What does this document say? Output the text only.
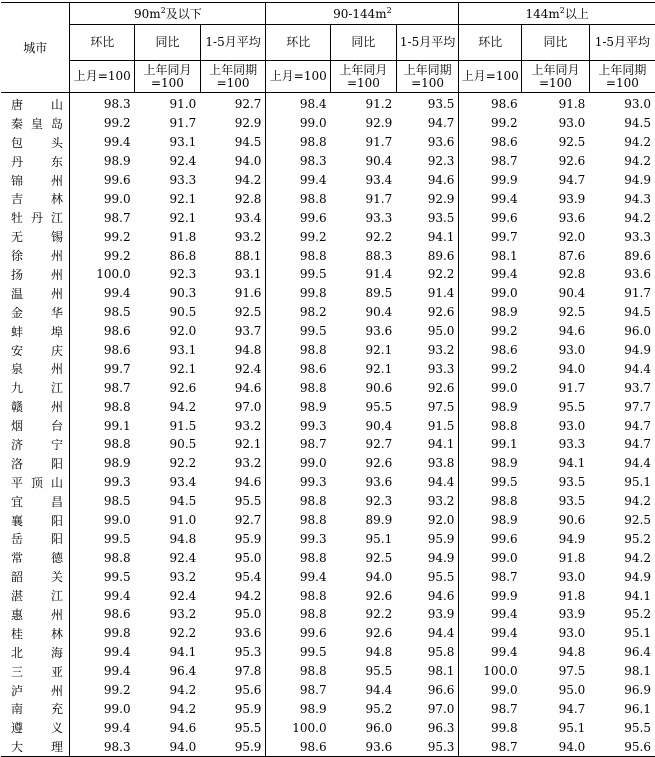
城市	$90m^2$及以下			$90-144m^2$			$144m^2$以上		
	环比	同比	1-5月平均	环比	同比	1-5月平均	环比	同比	1-5月平均
	上月=100	上年同月=100	上年同期=100	上月=100	上年同月=100	上年同期=100	上月=100	上年同月=100	上年同期=100

唐 山	98.3	91.0	92.7	98.4	91.2	93.5	98.6	91.8	93.0

秦 皇 岛	99.2	91.7	92.9	99.0	92.9	94.7	99.2	93.0	94.5

包 头	99.4	93.1	94.5	98.8	91.7	93.6	98.6	92.5	94.2

丹 东	98.9	92.4	94.0	98.3	90.4	92.3	98.7	92.6	94.2

锦 州	99.6	93.3	94.2	99.4	93.4	94.6	99.9	94.7	94.9

吉 林	99.0	92.1	92.8	98.8	91.7	92.9	99.4	93.9	94.3

牡 丹 江	98.7	92.1	93.4	99.6	93.3	93.5	99.6	93.6	94.2

无 锡	99.2	91.8	93.2	99.2	92.2	94.1	99.7	92.0	93.3

徐 州	99.2	86.8	88.1	98.8	88.3	89.6	98.1	87.6	89.6

扬 州	100.0	92.3	93.1	99.5	91.4	92.2	99.4	92.8	93.6

温 州	99.4	90.3	91.6	99.8	89.5	91.4	99.0	90.4	91.7

金 华	98.5	90.5	92.5	98.2	90.4	92.6	98.9	92.5	94.5

蚌 埠	98.6	92.0	93.7	99.5	93.6	95.0	99.2	94.6	96.0

安 庆	98.6	93.1	94.8	98.8	92.1	93.2	98.6	93.0	94.9

泉 州	99.7	92.1	92.4	98.6	92.1	93.3	99.2	94.0	94.4

九 江	98.7	92.6	94.6	98.8	90.6	92.6	99.0	91.7	93.7

赣 州	98.8	94.2	97.0	98.9	95.5	97.5	98.9	95.5	97.7

烟 台	99.1	91.5	93.2	99.3	90.4	91.5	98.8	93.0	94.7

济 宁	98.8	90.5	92.1	98.7	92.7	94.1	99.1	93.3	94.7

洛 阳	98.9	92.2	93.2	99.0	92.6	93.8	98.9	94.1	94.4

平 顶 山	99.3	93.4	94.6	99.3	93.6	94.4	99.5	93.5	95.1

宜 昌	98.5	94.5	95.5	98.8	92.3	93.2	98.8	93.5	94.2

襄 阳	99.0	91.0	92.7	98.8	89.9	92.0	98.9	90.6	92.5

岳 阳	99.5	94.8	95.9	99.3	95.1	95.9	99.6	94.9	95.2

常 德	98.8	92.4	95.0	98.8	92.5	94.9	99.0	91.8	94.2

韶 关	99.5	93.2	95.4	99.4	94.0	95.5	98.7	93.0	94.9

湛 江	99.4	92.4	94.2	98.8	92.6	94.6	99.9	91.8	94.1

惠 州	98.6	93.2	95.0	98.8	92.2	93.9	99.4	93.9	95.2

桂 林	99.8	92.2	93.6	99.6	92.6	94.4	99.4	93.0	95.1

北 海	99.4	94.1	95.3	99.5	94.8	95.8	99.4	94.8	96.4

三 亚	99.4	96.4	97.8	98.8	95.5	98.1	100.0	97.5	98.1

泸 州	99.2	94.2	95.6	98.7	94.4	96.6	99.0	95.0	96.9

南 充	99.0	94.2	95.9	98.9	95.2	97.0	98.7	94.7	96.1

遵 义	99.4	94.6	95.5	100.0	96.0	96.3	99.8	95.1	95.5

大 理	98.3	94.0	95.9	98.6	93.6	95.3	98.7	94.0	95.6
